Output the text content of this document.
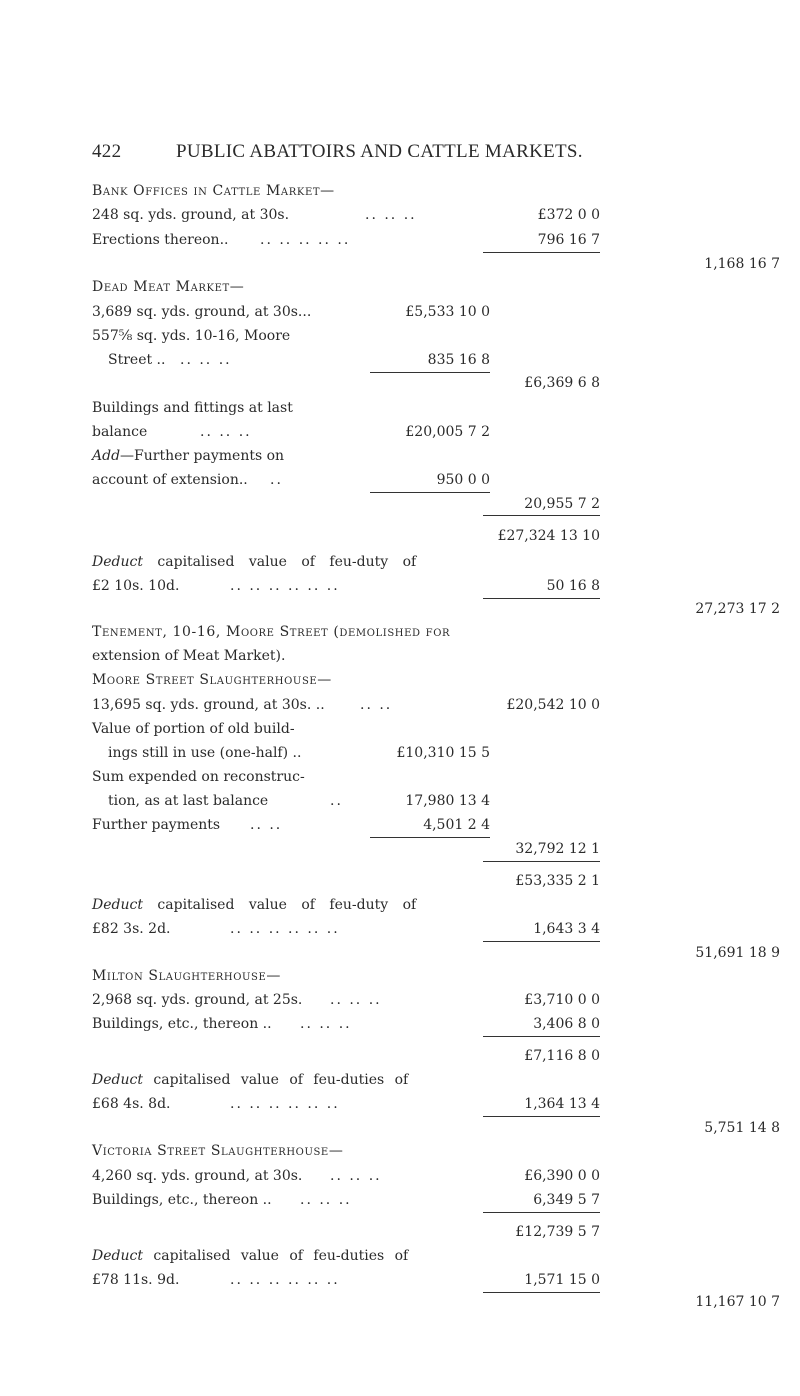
422	PUBLIC ABATTOIRS AND CATTLE MARKETS.
Bank Offices in Cattle Market—
248 sq. yds. ground, at 30s.	.. .. ..	£372 0 0
Erections thereon.. .. .. .. .. ..	796 16 7
1,168 16 7
Dead Meat Market—
3,689 sq. yds. ground, at 30s...	£5,533 10 0
557⅝ sq. yds. 10-16, Moore
Street .. .. .. ..	835 16 8
£6,369 6 8
Buildings and fittings at last
balance	.. .. ..	£20,005 7 2
Add—Further payments on
account of extension.. ..	950 0 0
20,955 7 2
£27,324 13 10
Deduct capitalised value of feu-duty of
£2 10s. 10d.	.. .. .. .. .. ..	50 16 8
27,273 17 2
Tenement, 10-16, Moore Street (demolished for
extension of Meat Market).
Moore Street Slaughterhouse—
13,695 sq. yds. ground, at 30s. ..	.. ..	£20,542 10 0
Value of portion of old build-
ings still in use (one-half) ..	£10,310 15 5
Sum expended on reconstruc-
tion, as at last balance	..	17,980 13 4
Further payments .. ..	4,501 2 4
32,792 12 1
£53,335 2 1
Deduct capitalised value of feu-duty of
£82 3s. 2d.	.. .. .. .. .. ..	1,643 3 4
51,691 18 9
Milton Slaughterhouse—
2,968 sq. yds. ground, at 25s. .. .. ..	£3,710 0 0
Buildings, etc., thereon .. .. .. ..	3,406 8 0
£7,116 8 0
Deduct capitalised value of feu-duties of
£68 4s. 8d.	.. .. .. .. .. ..	1,364 13 4
5,751 14 8
Victoria Street Slaughterhouse—
4,260 sq. yds. ground, at 30s. .. .. ..	£6,390 0 0
Buildings, etc., thereon .. .. .. ..	6,349 5 7
£12,739 5 7
Deduct capitalised value of feu-duties of
£78 11s. 9d.	.. .. .. .. .. ..	1,571 15 0
11,167 10 7
